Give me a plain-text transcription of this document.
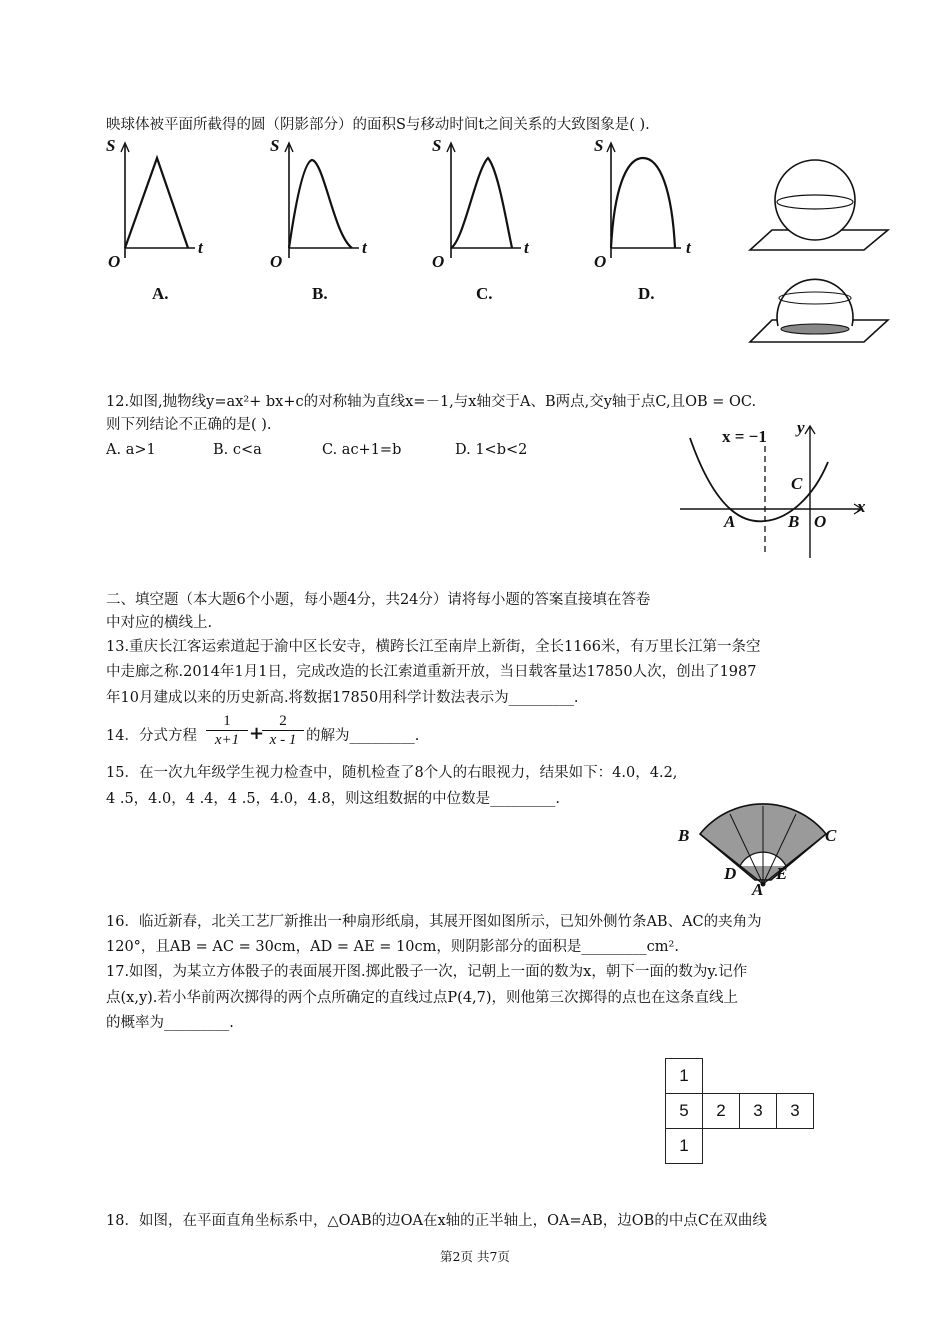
映球体被平面所截得的圆（阴影部分）的面积S与移动时间t之间关系的大致图象是( ).
S
t
O
A.
S
t
O
B.
S
t
O
C.
S
t
O
D.
12.如图,抛物线y=ax²+ bx+c的对称轴为直线x=－1,与x轴交于A、B两点,交y轴于点C,且OB = OC.
则下列结论不正确的是( ).
A. a>1	B. c<a	C. ac+1=b	D. 1<b<2
x = −1 y
x
A	B
C
O
二、填空题（本大题6个小题，每小题4分，共24分）请将每小题的答案直接填在答卷
中对应的横线上.
13.重庆长江客运索道起于渝中区长安寺，横跨长江至南岸上新街，全长1166米，有万里长江第一条空
中走廊之称.2014年1月1日，完成改造的长江索道重新开放，当日载客量达17850人次，创出了1987
年10月建成以来的历史新高.将数据17850用科学计数法表示为_________.
14．分式方程 $\frac{1}{x+1}$ +
$\frac{2}{x - 1}$ 的解为_________.
15．在一次九年级学生视力检查中，随机检查了8个人的右眼视力，结果如下：4.0，4.2,
4 .5，4.0，4 .4，4 .5，4.0，4.8，则这组数据的中位数是_________.
B	C
D E
A
16．临近新春，北关工艺厂新推出一种扇形纸扇，其展开图如图所示，已知外侧竹条AB、AC的夹角为
120°，且AB = AC = 30cm，AD = AE = 10cm，则阴影部分的面积是_________cm².
17.如图，为某立方体骰子的表面展开图.掷此骰子一次，记朝上一面的数为x，朝下一面的数为y.记作
点(x,y).若小华前两次掷得的两个点所确定的直线过点P(4,7)，则他第三次掷得的点也在这条直线上
的概率为_________.
1			
5	2	3	3
1			
18．如图，在平面直角坐标系中，△OAB的边OA在x轴的正半轴上，OA=AB，边OB的中点C在双曲线
第2页 共7页
